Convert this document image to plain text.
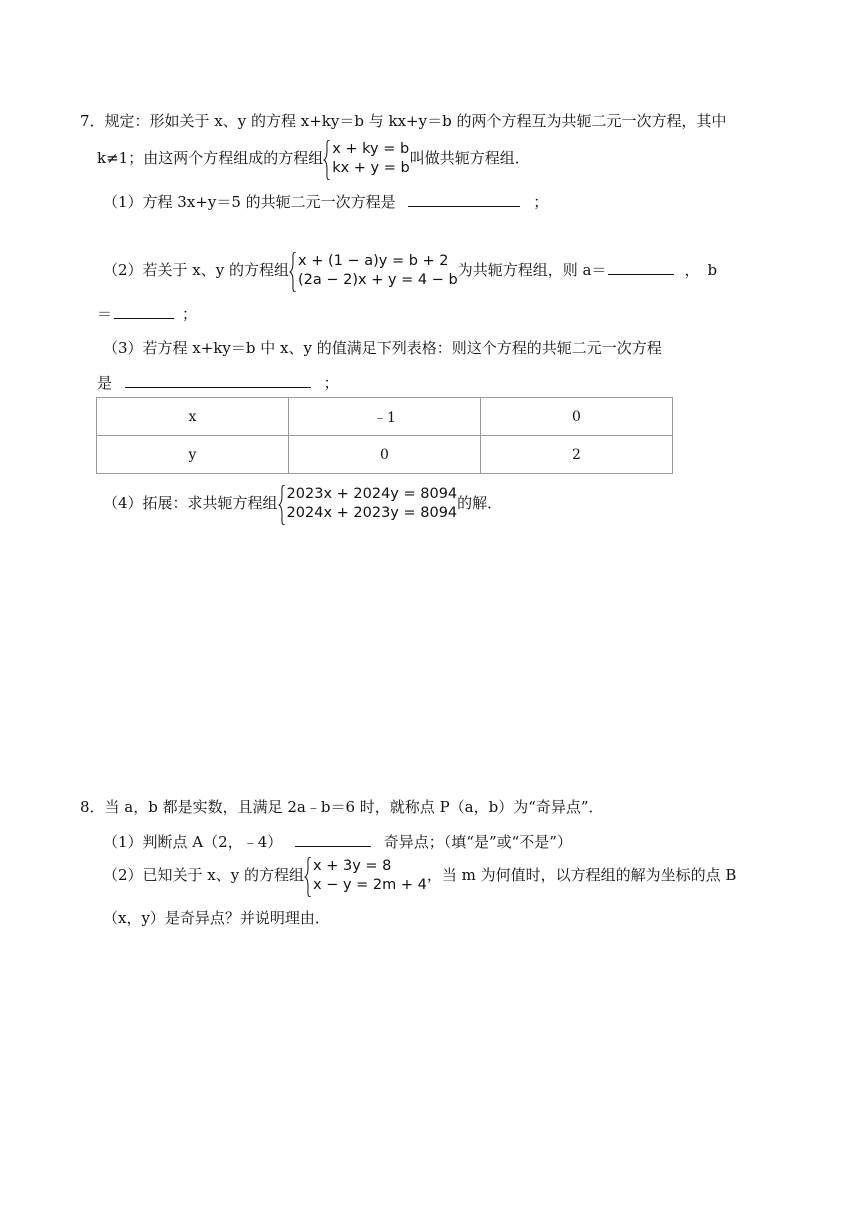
7．规定：形如关于 x、y 的方程 x+ky＝b 与 kx+y＝b 的两个方程互为共轭二元一次方程，其中
k≠1；由这两个方程组成的方程组 x + ky = b
kx + y = b
叫做共轭方程组．
（1）方程 3x+y＝5 的共轭二元一次方程是	；
（2）若关于 x、y 的方程组 x + (1 − a)y = b + 2
(2a − 2)x + y = 4 − b
为共轭方程组，则 a＝	，b
＝	；
（3）若方程 x+ky＝b 中 x、y 的值满足下列表格：则这个方程的共轭二元一次方程
是	；
x	﹣1	0
y	0	2
（4）拓展：求共轭方程组 2023x + 2024y = 8094
2024x + 2023y = 8094
的解．
8．当 a，b 都是实数，且满足 2a﹣b＝6 时，就称点 P（a，b）为“奇异点”．
（1）判断点 A（2，﹣4）	奇异点；（填“是”或“不是”）
（2）已知关于 x、y 的方程组 x + 3y = 8
x − y = 2m + 4
，当 m 为何值时，以方程组的解为坐标的点 B
（x，y）是奇异点？并说明理由．
